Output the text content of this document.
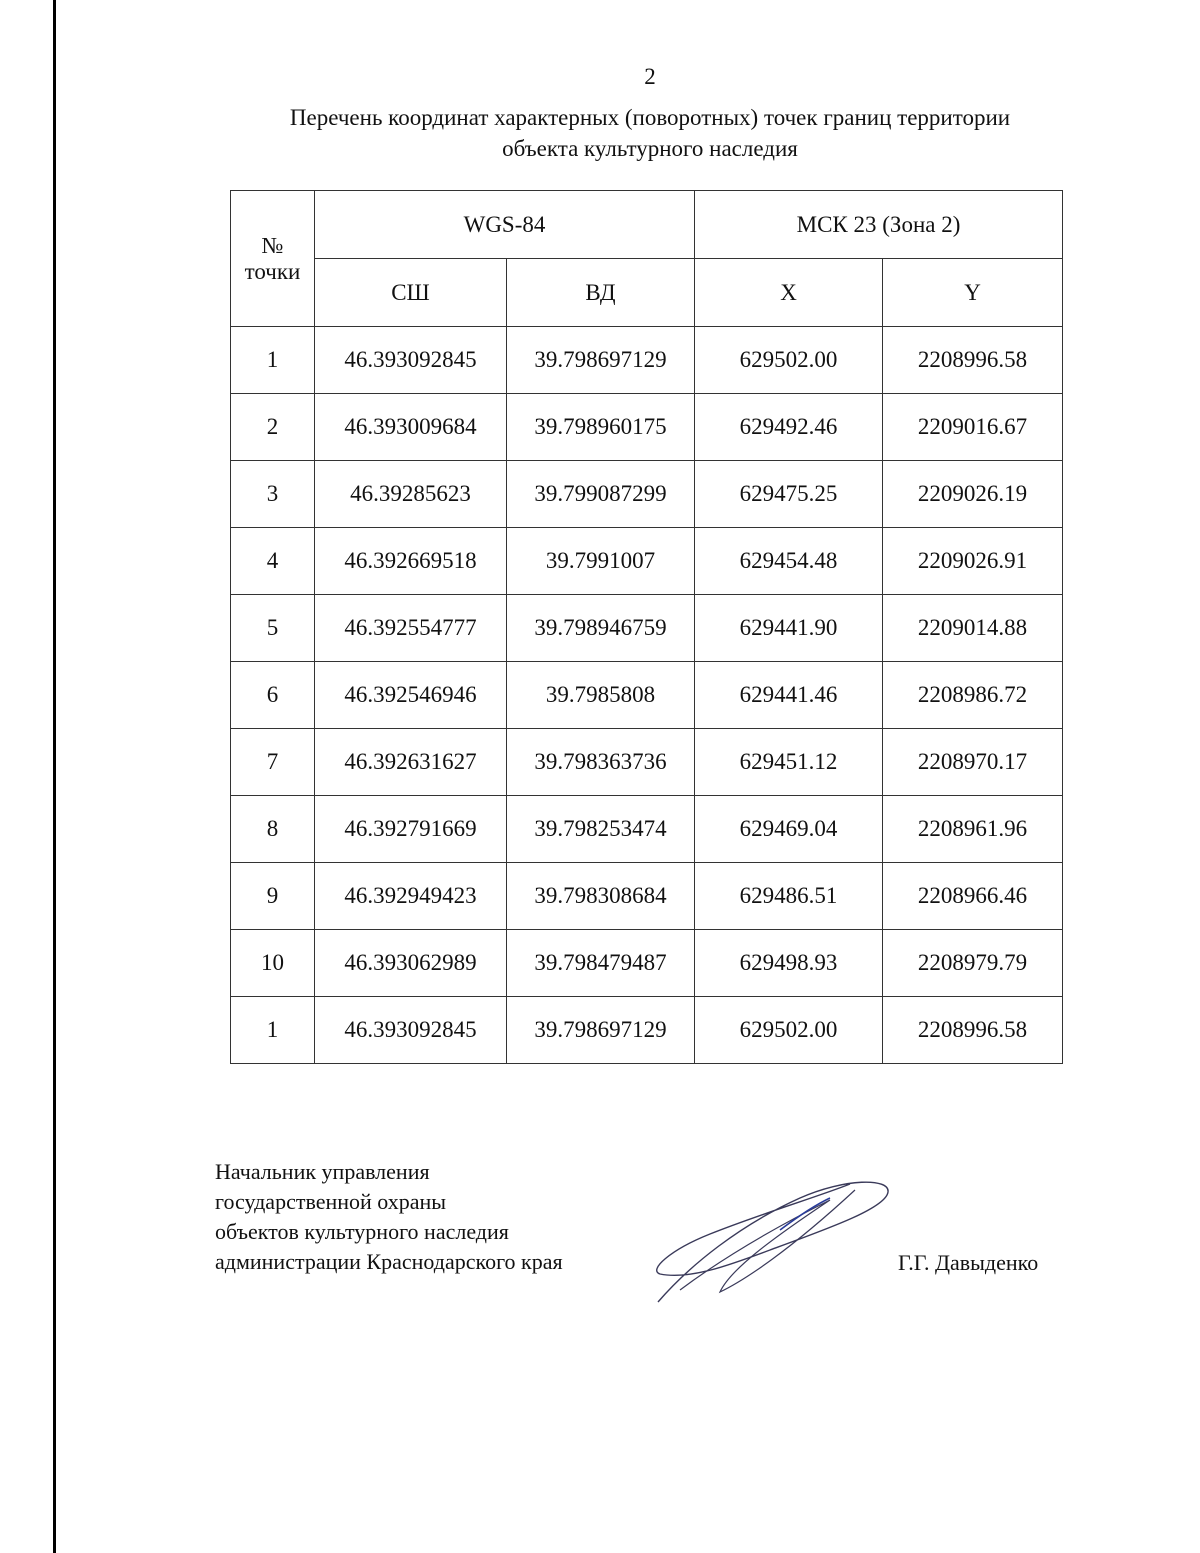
2
Перечень координат характерных (поворотных) точек границ территории
объекта культурного наследия
№
точки	WGS-84		МСК 23 (Зона 2)	
	СШ	ВД	X	Y
1	46.393092845	39.798697129	629502.00	2208996.58
2	46.393009684	39.798960175	629492.46	2209016.67
3	46.39285623	39.799087299	629475.25	2209026.19
4	46.392669518	39.7991007	629454.48	2209026.91
5	46.392554777	39.798946759	629441.90	2209014.88
6	46.392546946	39.7985808	629441.46	2208986.72
7	46.392631627	39.798363736	629451.12	2208970.17
8	46.392791669	39.798253474	629469.04	2208961.96
9	46.392949423	39.798308684	629486.51	2208966.46
10	46.393062989	39.798479487	629498.93	2208979.79
1	46.393092845	39.798697129	629502.00	2208996.58
Начальник управления
государственной охраны
объектов культурного наследия
администрации Краснодарского края	Г.Г. Давыденко
